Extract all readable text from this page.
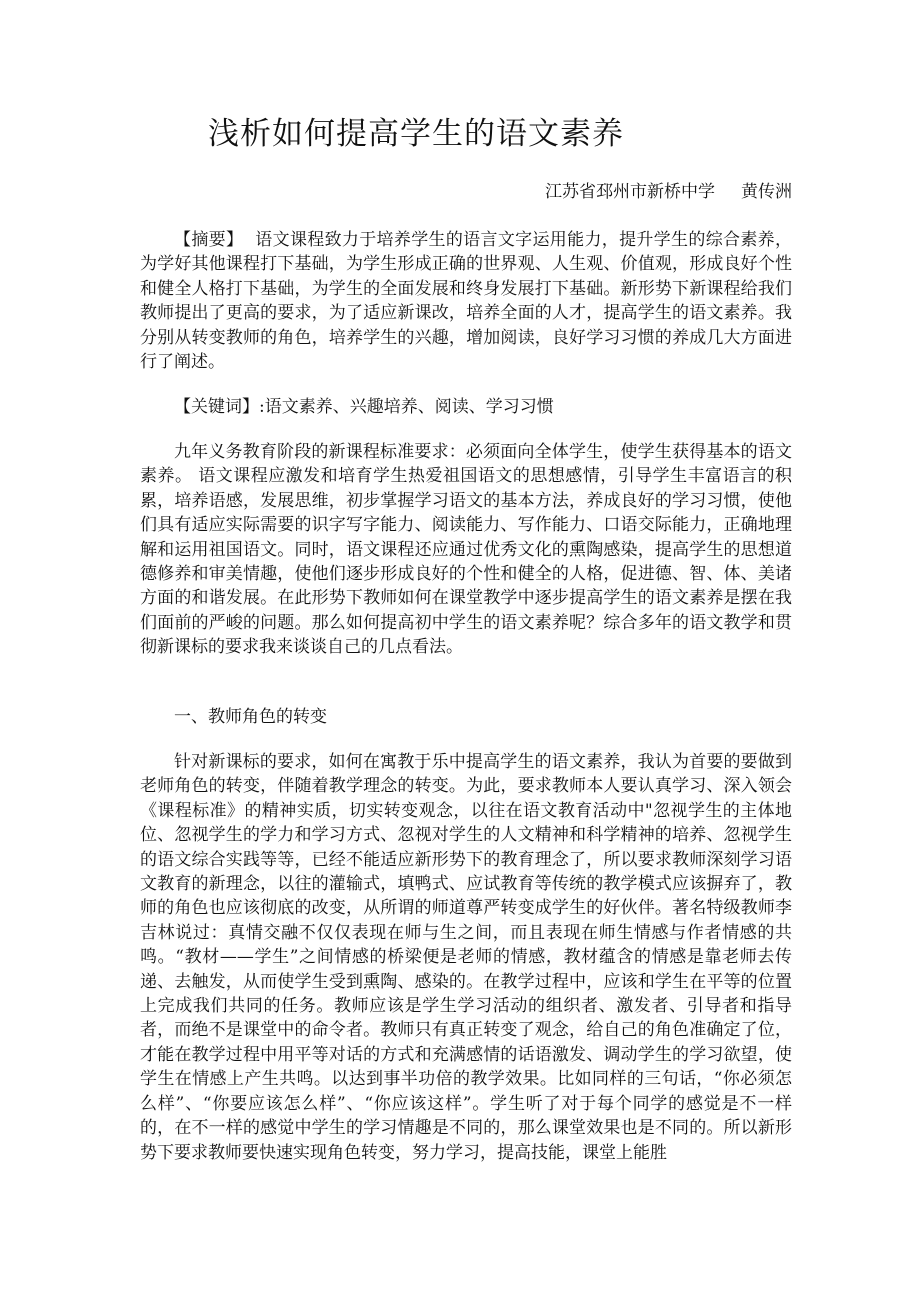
浅析如何提高学生的语文素养
江苏省邳州市新桥中学 黄传洲

【摘要】 语文课程致力于培养学生的语言文字运用能力，提升学生的综合素养，为学好其他课程打下基础，为学生形成正确的世界观、人生观、价值观，形成良好个性和健全人格打下基础，为学生的全面发展和终身发展打下基础。新形势下新课程给我们教师提出了更高的要求，为了适应新课改，培养全面的人才，提高学生的语文素养。我分别从转变教师的角色，培养学生的兴趣，增加阅读，良好学习习惯的养成几大方面进行了阐述。

【关键词】:语文素养、兴趣培养、阅读、学习习惯

九年义务教育阶段的新课程标准要求：必须面向全体学生，使学生获得基本的语文素养。 语文课程应激发和培育学生热爱祖国语文的思想感情，引导学生丰富语言的积累，培养语感，发展思维，初步掌握学习语文的基本方法，养成良好的学习习惯，使他们具有适应实际需要的识字写字能力、阅读能力、写作能力、口语交际能力，正确地理解和运用祖国语文。同时，语文课程还应通过优秀文化的熏陶感染，提高学生的思想道德修养和审美情趣，使他们逐步形成良好的个性和健全的人格，促进德、智、体、美诸方面的和谐发展。在此形势下教师如何在课堂教学中逐步提高学生的语文素养是摆在我们面前的严峻的问题。那么如何提高初中学生的语文素养呢？综合多年的语文教学和贯彻新课标的要求我来谈谈自己的几点看法。

一、教师角色的转变

针对新课标的要求，如何在寓教于乐中提高学生的语文素养，我认为首要的要做到老师角色的转变，伴随着教学理念的转变。为此，要求教师本人要认真学习、深入领会《课程标准》的精神实质，切实转变观念，以往在语文教育活动中"忽视学生的主体地位、忽视学生的学力和学习方式、忽视对学生的人文精神和科学精神的培养、忽视学生的语文综合实践等等，已经不能适应新形势下的教育理念了，所以要求教师深刻学习语文教育的新理念，以往的灌输式，填鸭式、应试教育等传统的教学模式应该摒弃了，教师的角色也应该彻底的改变，从所谓的师道尊严转变成学生的好伙伴。著名特级教师李吉林说过：真情交融不仅仅表现在师与生之间，而且表现在师生情感与作者情感的共鸣。“教材——学生”之间情感的桥梁便是老师的情感，教材蕴含的情感是靠老师去传递、去触发，从而使学生受到熏陶、感染的。在教学过程中，应该和学生在平等的位置上完成我们共同的任务。教师应该是学生学习活动的组织者、激发者、引导者和指导者，而绝不是课堂中的命令者。教师只有真正转变了观念，给自己的角色准确定了位，才能在教学过程中用平等对话的方式和充满感情的话语激发、调动学生的学习欲望，使学生在情感上产生共鸣。以达到事半功倍的教学效果。比如同样的三句话，“你必须怎么样”、“你要应该怎么样”、“你应该这样”。学生听了对于每个同学的感觉是不一样的，在不一样的感觉中学生的学习情趣是不同的，那么课堂效果也是不同的。所以新形势下要求教师要快速实现角色转变，努力学习，提高技能，课堂上能胜
